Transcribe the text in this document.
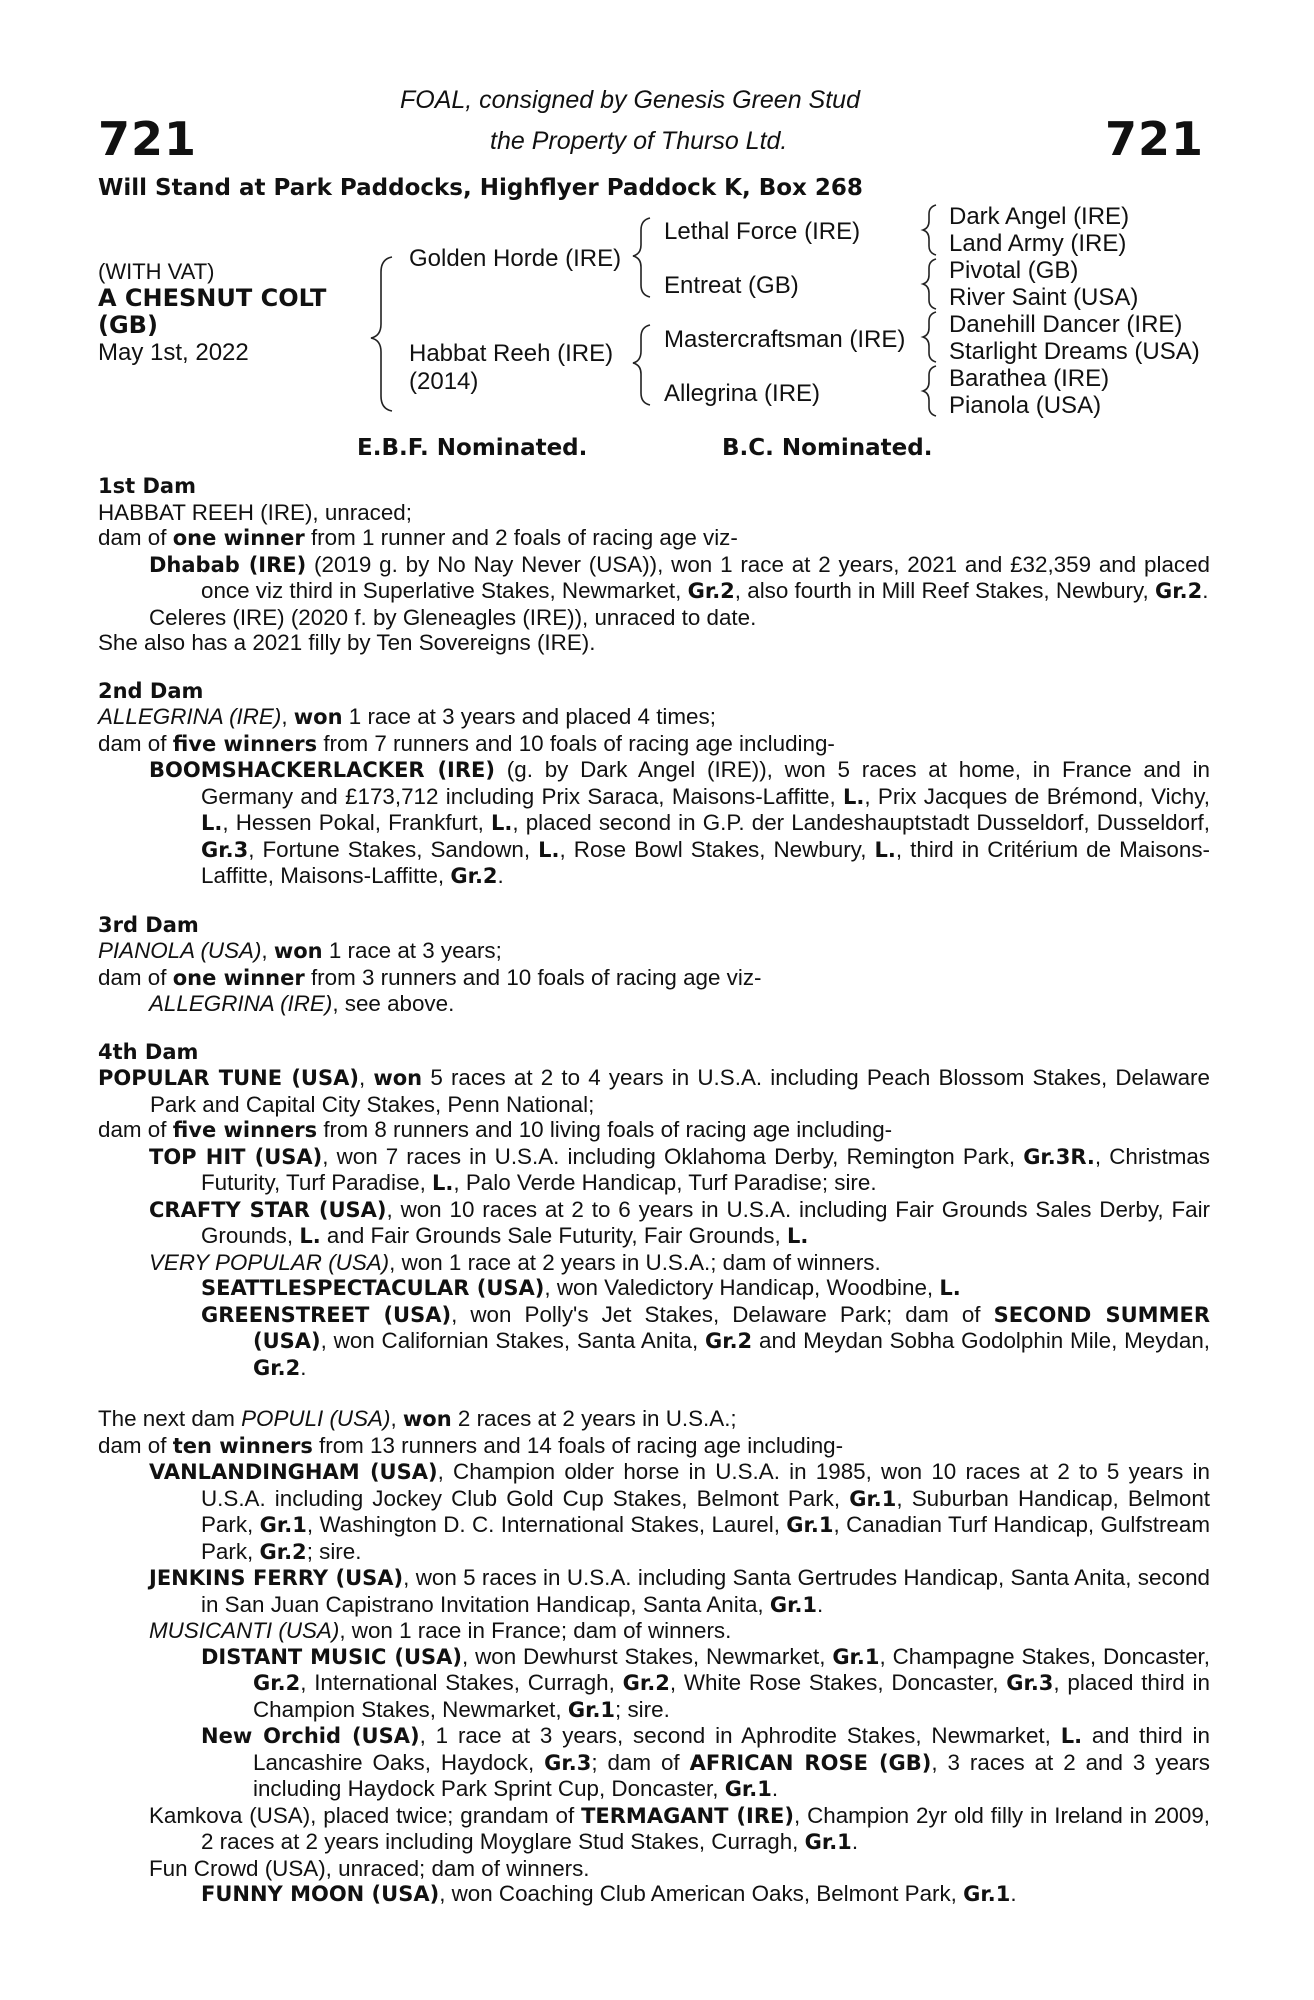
721	721
FOAL, consigned by Genesis Green Stud
the Property of Thurso Ltd.
Will Stand at Park Paddocks, Highflyer Paddock K, Box 268
(WITH VAT)
A CHESNUT COLT
(GB)
May 1st, 2022
Golden Horde (IRE)
Habbat Reeh (IRE)
(2014)
Lethal Force (IRE)
Entreat (GB)
Mastercraftsman (IRE)
Allegrina (IRE)
Dark Angel (IRE)
Land Army (IRE)
Pivotal (GB)
River Saint (USA)
Danehill Dancer (IRE)
Starlight Dreams (USA)
Barathea (IRE)
Pianola (USA)
E.B.F. Nominated.	B.C. Nominated.
1st Dam
HABBAT REEH (IRE), unraced;
dam of one winner from 1 runner and 2 foals of racing age viz-
Dhabab (IRE) (2019 g. by No Nay Never (USA)), won 1 race at 2 years, 2021 and £32,359 and placed once viz third in Superlative Stakes, Newmarket, Gr.2, also fourth in Mill Reef Stakes, Newbury, Gr.2.
Celeres (IRE) (2020 f. by Gleneagles (IRE)), unraced to date.
She also has a 2021 filly by Ten Sovereigns (IRE).
2nd Dam
ALLEGRINA (IRE), won 1 race at 3 years and placed 4 times;
dam of five winners from 7 runners and 10 foals of racing age including-
BOOMSHACKERLACKER (IRE) (g. by Dark Angel (IRE)), won 5 races at home, in France and in Germany and £173,712 including Prix Saraca, Maisons-Laffitte, L., Prix Jacques de Brémond, Vichy, L., Hessen Pokal, Frankfurt, L., placed second in G.P. der Landeshauptstadt Dusseldorf, Dusseldorf, Gr.3, Fortune Stakes, Sandown, L., Rose Bowl Stakes, Newbury, L., third in Critérium de Maisons-Laffitte, Maisons-Laffitte, Gr.2.
3rd Dam
PIANOLA (USA), won 1 race at 3 years;
dam of one winner from 3 runners and 10 foals of racing age viz-
ALLEGRINA (IRE), see above.
4th Dam
POPULAR TUNE (USA), won 5 races at 2 to 4 years in U.S.A. including Peach Blossom Stakes, Delaware Park and Capital City Stakes, Penn National;
dam of five winners from 8 runners and 10 living foals of racing age including-
TOP HIT (USA), won 7 races in U.S.A. including Oklahoma Derby, Remington Park, Gr.3R., Christmas Futurity, Turf Paradise, L., Palo Verde Handicap, Turf Paradise; sire.
CRAFTY STAR (USA), won 10 races at 2 to 6 years in U.S.A. including Fair Grounds Sales Derby, Fair Grounds, L. and Fair Grounds Sale Futurity, Fair Grounds, L.
VERY POPULAR (USA), won 1 race at 2 years in U.S.A.; dam of winners.
SEATTLESPECTACULAR (USA), won Valedictory Handicap, Woodbine, L.
GREENSTREET (USA), won Polly's Jet Stakes, Delaware Park; dam of SECOND SUMMER (USA), won Californian Stakes, Santa Anita, Gr.2 and Meydan Sobha Godolphin Mile, Meydan, Gr.2.
The next dam POPULI (USA), won 2 races at 2 years in U.S.A.;
dam of ten winners from 13 runners and 14 foals of racing age including-
VANLANDINGHAM (USA), Champion older horse in U.S.A. in 1985, won 10 races at 2 to 5 years in U.S.A. including Jockey Club Gold Cup Stakes, Belmont Park, Gr.1, Suburban Handicap, Belmont Park, Gr.1, Washington D. C. International Stakes, Laurel, Gr.1, Canadian Turf Handicap, Gulfstream Park, Gr.2; sire.
JENKINS FERRY (USA), won 5 races in U.S.A. including Santa Gertrudes Handicap, Santa Anita, second in San Juan Capistrano Invitation Handicap, Santa Anita, Gr.1.
MUSICANTI (USA), won 1 race in France; dam of winners.
DISTANT MUSIC (USA), won Dewhurst Stakes, Newmarket, Gr.1, Champagne Stakes, Doncaster, Gr.2, International Stakes, Curragh, Gr.2, White Rose Stakes, Doncaster, Gr.3, placed third in Champion Stakes, Newmarket, Gr.1; sire.
New Orchid (USA), 1 race at 3 years, second in Aphrodite Stakes, Newmarket, L. and third in Lancashire Oaks, Haydock, Gr.3; dam of AFRICAN ROSE (GB), 3 races at 2 and 3 years including Haydock Park Sprint Cup, Doncaster, Gr.1.
Kamkova (USA), placed twice; grandam of TERMAGANT (IRE), Champion 2yr old filly in Ireland in 2009, 2 races at 2 years including Moyglare Stud Stakes, Curragh, Gr.1.
Fun Crowd (USA), unraced; dam of winners.
FUNNY MOON (USA), won Coaching Club American Oaks, Belmont Park, Gr.1.
